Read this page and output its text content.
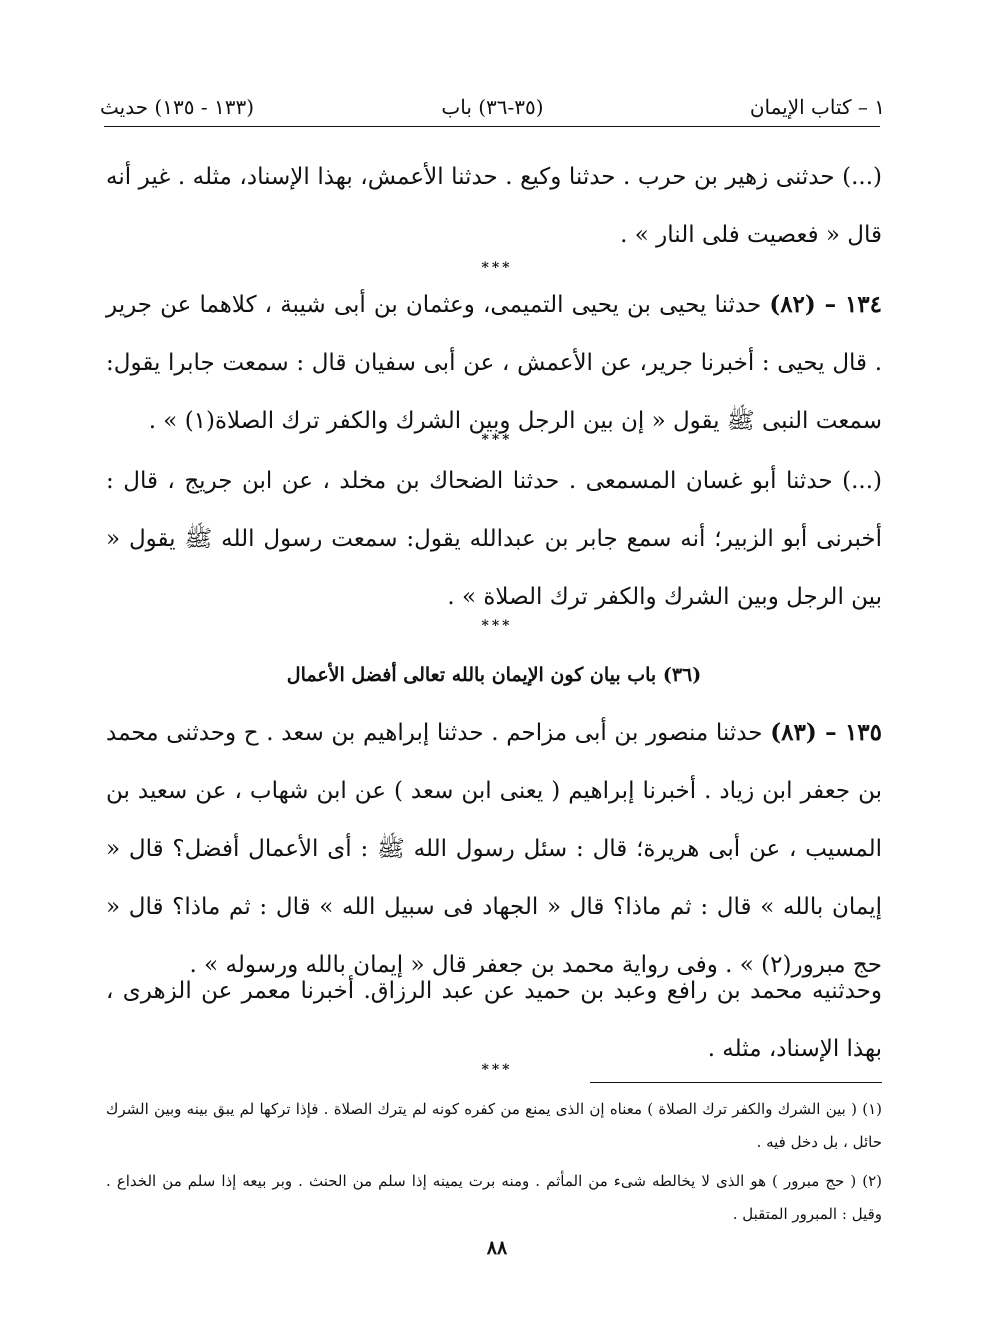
١ – كتاب الإيمان
(٣٥-٣٦) باب
(١٣٣ - ١٣٥) حديث
(...) حدثنى زهير بن حرب . حدثنا وكيع . حدثنا الأعمش، بهذا الإسناد، مثله . غير أنه قال « فعصيت فلى النار » .
***
١٣٤ – (٨٢) حدثنا يحيى بن يحيى التميمى، وعثمان بن أبى شيبة ، كلاهما عن جرير . قال يحيى : أخبرنا جرير، عن الأعمش ، عن أبى سفيان قال : سمعت جابرا يقول: سمعت النبى ﷺ يقول « إن بين الرجل وبين الشرك والكفر ترك الصلاة(١) » .
***
(...) حدثنا أبو غسان المسمعى . حدثنا الضحاك بن مخلد ، عن ابن جريج ، قال : أخبرنى أبو الزبير؛ أنه سمع جابر بن عبدالله يقول: سمعت رسول الله ﷺ يقول « بين الرجل وبين الشرك والكفر ترك الصلاة » .
***
(٣٦) باب بيان كون الإيمان بالله تعالى أفضل الأعمال
١٣٥ – (٨٣) حدثنا منصور بن أبى مزاحم . حدثنا إبراهيم بن سعد . ح وحدثنى محمد بن جعفر ابن زياد . أخبرنا إبراهيم ( يعنى ابن سعد ) عن ابن شهاب ، عن سعيد بن المسيب ، عن أبى هريرة؛ قال : سئل رسول الله ﷺ : أى الأعمال أفضل؟ قال « إيمان بالله » قال : ثم ماذا؟ قال « الجهاد فى سبيل الله » قال : ثم ماذا؟ قال « حج مبرور(٢) » . وفى رواية محمد بن جعفر قال « إيمان بالله ورسوله » .
وحدثنيه محمد بن رافع وعبد بن حميد عن عبد الرزاق. أخبرنا معمر عن الزهرى ، بهذا الإسناد، مثله .
***

(١) ( بين الشرك والكفر ترك الصلاة ) معناه إن الذى يمنع من كفره كونه لم يترك الصلاة . فإذا تركها لم يبق بينه وبين الشرك حائل ، بل دخل فيه .

(٢) ( حج مبرور ) هو الذى لا يخالطه شىء من المأثم . ومنه برت يمينه إذا سلم من الحنث . وبر بيعه إذا سلم من الخداع . وقيل : المبرور المتقبل .

٨٨
